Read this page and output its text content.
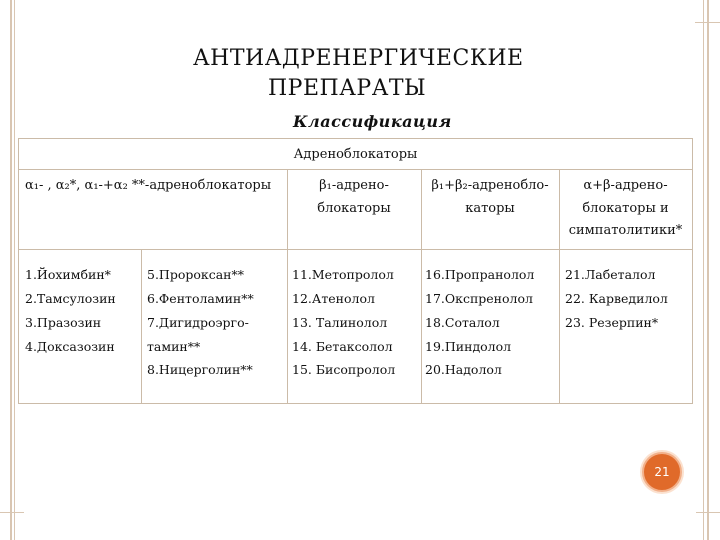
АНТИАДРЕНЕРГИЧЕСКИЕ
ПРЕПАРАТЫ
Классификация
Адреноблокаторы
α₁- , α₂*, α₁-+α₂ **-адреноблокаторы	β₁-адрено-
блокаторы
β₁+β₂-адреноблo-
каторы
α+β-адрено-
блокаторы и
симпатолитики*
1.Йохимбин*
2.Тамсулозин
3.Празозин
4.Доксазозин
5.Пророксан**
6.Фентоламин**
7.Дигидроэрго-
тамин**
8.Ницерголин**
11.Метопролол
12.Атенолол
13. Талинолол
14. Бетаксолол
15. Бисопролол
16.Пропранолол
17.Окспренолол
18.Соталол
19.Пиндолол
20.Надолол
21.Лабеталол
22. Карведилол
23. Резерпин*
21
